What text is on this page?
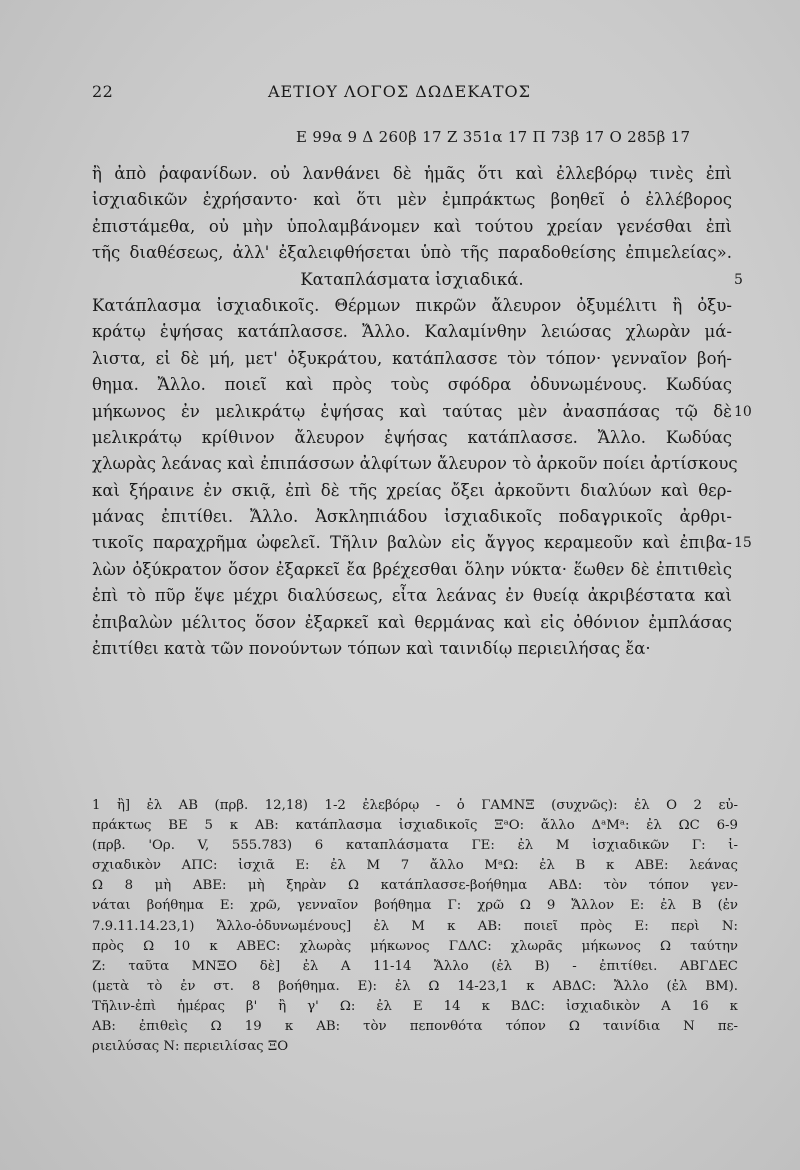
22	ΑΕΤΙΟΥ ΛΟΓΟΣ ΔΩΔΕΚΑΤΟΣ
Ε 99α 9 Δ 260β 17 Ζ 351α 17 Π 73β 17 Ο 285β 17
ἢ ἀπὸ ῥαφανίδων. οὐ λανθάνει δὲ ἡμᾶς ὅτι καὶ ἐλλεβόρῳ τινὲς ἐπὶ
ἰσχιαδικῶν ἐχρήσαντο· καὶ ὅτι μὲν ἐμπράκτως βοηθεῖ ὁ ἐλλέβορος
ἐπιστάμεθα, οὐ μὴν ὑπολαμβάνομεν καὶ τούτου χρείαν γενέσθαι ἐπὶ
τῆς διαθέσεως, ἀλλ' ἐξαλειφθήσεται ὑπὸ τῆς παραδοθείσης ἐπιμελείας».
Καταπλάσματα ἰσχιαδικά.	5
Κατάπλασμα ἰσχιαδικοῖς. Θέρμων πικρῶν ἄλευρον ὀξυμέλιτι ἢ ὀξυ-
κράτῳ ἑψήσας κατάπλασσε. Ἄλλο. Καλαμίνθην λειώσας χλωρὰν μά-
λιστα, εἰ δὲ μή, μετ' ὀξυκράτου, κατάπλασσε τὸν τόπον· γενναῖον βοή-
θημα. Ἄλλο. ποιεῖ καὶ πρὸς τοὺς σφόδρα ὀδυνωμένους. Κωδύας
μήκωνος ἐν μελικράτῳ ἑψήσας καὶ ταύτας μὲν ἀνασπάσας τῷ δὲ 10
μελικράτῳ κρίθινον ἄλευρον ἑψήσας κατάπλασσε. Ἄλλο. Κωδύας
χλωρὰς λεάνας καὶ ἐπιπάσσων ἀλφίτων ἄλευρον τὸ ἀρκοῦν ποίει ἀρτίσκους
καὶ ξήραινε ἐν σκιᾷ, ἐπὶ δὲ τῆς χρείας ὄξει ἀρκοῦντι διαλύων καὶ θερ-
μάνας ἐπιτίθει. Ἄλλο. Ἀσκληπιάδου ἰσχιαδικοῖς ποδαγρικοῖς ἀρθρι-
τικοῖς παραχρῆμα ὠφελεῖ. Τῆλιν βαλὼν εἰς ἄγγος κεραμεοῦν καὶ ἐπιβα- 15
λὼν ὀξύκρατον ὅσον ἐξαρκεῖ ἔα βρέχεσθαι ὅλην νύκτα· ἕωθεν δὲ ἐπιτιθεὶς
ἐπὶ τὸ πῦρ ἕψε μέχρι διαλύσεως, εἶτα λεάνας ἐν θυείᾳ ἀκριβέστατα καὶ
ἐπιβαλὼν μέλιτος ὅσον ἐξαρκεῖ καὶ θερμάνας καὶ εἰς ὀθόνιον ἐμπλάσας
ἐπιτίθει κατὰ τῶν πονούντων τόπων καὶ ταινιδίῳ περιειλήσας ἔα·
1 ἢ] ἐλ ΑΒ (πρβ. 12,18) 1-2 ἐλεβόρῳ - ὁ ΓΑΜΝΞ (συχνῶς): ἐλ Ο 2 εὐ-
πράκτως ΒΕ 5 κ ΑΒ: κατάπλασμα ἰσχιαδικοῖς ΞᵃΟ: ἄλλο ΔᵃΜᵃ: ἐλ ΩC 6-9
(πρβ. 'Ορ. V, 555.783) 6 καταπλάσματα ΓΕ: ἐλ Μ ἰσχιαδικῶν Γ: ἰ-
σχιαδικὸν ΑΠC: ἰσχιᾶ Ε: ἐλ Μ 7 ἄλλο ΜᵃΩ: ἐλ Β κ ΑΒΕ: λεάνας
Ω 8 μὴ ΑΒΕ: μὴ ξηρὰν Ω κατάπλασσε-βοήθημα ΑΒΔ: τὸν τόπον γεν-
νάται βοήθημα Ε: χρῶ, γενναῖον βοήθημα Γ: χρῶ Ω 9 Ἄλλον Ε: ἐλ Β (ἐν
7.9.11.14.23,1) Ἄλλο-ὀδυνωμένους] ἐλ Μ κ ΑΒ: ποιεῖ πρὸς Ε: περὶ Ν:
πρὸς Ω 10 κ ΑΒΕC: χλωρὰς μήκωνος ΓΔΛC: χλωρᾶς μήκωνος Ω ταύτην
Ζ: ταῦτα ΜΝΞΟ δὲ] ἐλ Α 11-14 Ἄλλο (ἐλ Β) - ἐπιτίθει. ΑΒΓΔΕC
(μετὰ τὸ ἐν στ. 8 βοήθημα. Ε): ἐλ Ω 14-23,1 κ ΑΒΔC: Ἄλλο (ἐλ ΒΜ).
Τῆλιν-ἐπὶ ἡμέρας β' ἢ γ' Ω: ἐλ Ε 14 κ ΒΔC: ἰσχιαδικὸν Α 16 κ
ΑΒ: ἐπιθεὶς Ω 19 κ ΑΒ: τὸν πεπονθότα τόπον Ω ταινίδια Ν πε-
ριειλύσας Ν: περιειλίσας ΞΟ
